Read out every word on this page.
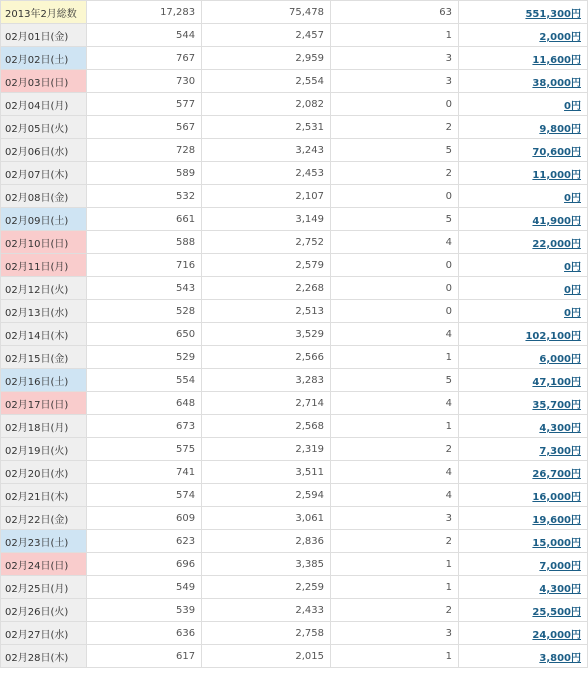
2013年2月総数	17,283	75,478	63	551,300円
02月01日(金)	544	2,457	1	2,000円
02月02日(土)	767	2,959	3	11,600円
02月03日(日)	730	2,554	3	38,000円
02月04日(月)	577	2,082	0	0円
02月05日(火)	567	2,531	2	9,800円
02月06日(水)	728	3,243	5	70,600円
02月07日(木)	589	2,453	2	11,000円
02月08日(金)	532	2,107	0	0円
02月09日(土)	661	3,149	5	41,900円
02月10日(日)	588	2,752	4	22,000円
02月11日(月)	716	2,579	0	0円
02月12日(火)	543	2,268	0	0円
02月13日(水)	528	2,513	0	0円
02月14日(木)	650	3,529	4	102,100円
02月15日(金)	529	2,566	1	6,000円
02月16日(土)	554	3,283	5	47,100円
02月17日(日)	648	2,714	4	35,700円
02月18日(月)	673	2,568	1	4,300円
02月19日(火)	575	2,319	2	7,300円
02月20日(水)	741	3,511	4	26,700円
02月21日(木)	574	2,594	4	16,000円
02月22日(金)	609	3,061	3	19,600円
02月23日(土)	623	2,836	2	15,000円
02月24日(日)	696	3,385	1	7,000円
02月25日(月)	549	2,259	1	4,300円
02月26日(火)	539	2,433	2	25,500円
02月27日(水)	636	2,758	3	24,000円
02月28日(木)	617	2,015	1	3,800円
